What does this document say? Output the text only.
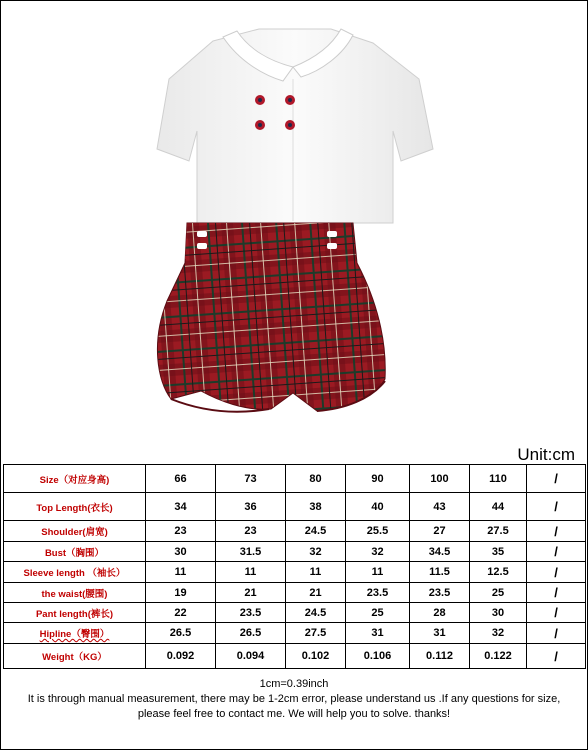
Unit:cm
Size（对应身高)	66	73	80	90	100	110	/
Top Length(衣长)	34	36	38	40	43	44	/
Shoulder(肩宽)	23	23	24.5	25.5	27	27.5	/
Bust（胸围）	30	31.5	32	32	34.5	35	/
Sleeve length （袖长）	11	11	11	11	11.5	12.5	/
the waist(腰围)	19	21	21	23.5	23.5	25	/
Pant length(裤长)	22	23.5	24.5	25	28	30	/
Hipline（臀围）	26.5	26.5	27.5	31	31	32	/
Weight（KG）	0.092	0.094	0.102	0.106	0.112	0.122	/
1cm=0.39inch
It is through manual measurement, there may be 1-2cm error, please understand us .If any questions for size,
please feel free to contact me. We will help you to solve. thanks!
